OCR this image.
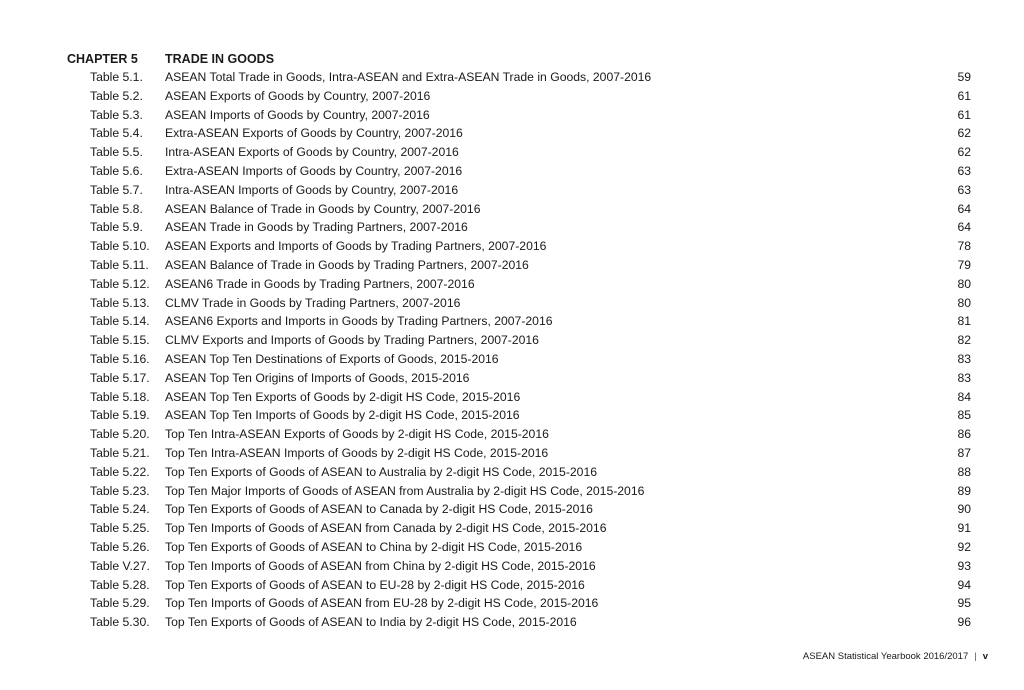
CHAPTER 5 TRADE IN GOODS
Table 5.1. ASEAN Total Trade in Goods, Intra-ASEAN and Extra-ASEAN Trade in Goods, 2007-2016	59
Table 5.2. ASEAN Exports of Goods by Country, 2007-2016	61
Table 5.3. ASEAN Imports of Goods by Country, 2007-2016	61
Table 5.4. Extra-ASEAN Exports of Goods by Country, 2007-2016	62
Table 5.5. Intra-ASEAN Exports of Goods by Country, 2007-2016	62
Table 5.6. Extra-ASEAN Imports of Goods by Country, 2007-2016	63
Table 5.7. Intra-ASEAN Imports of Goods by Country, 2007-2016	63
Table 5.8. ASEAN Balance of Trade in Goods by Country, 2007-2016	64
Table 5.9. ASEAN Trade in Goods by Trading Partners, 2007-2016	64
Table 5.10. ASEAN Exports and Imports of Goods by Trading Partners, 2007-2016	78
Table 5.11. ASEAN Balance of Trade in Goods by Trading Partners, 2007-2016	79
Table 5.12. ASEAN6 Trade in Goods by Trading Partners, 2007-2016	80
Table 5.13. CLMV Trade in Goods by Trading Partners, 2007-2016	80
Table 5.14. ASEAN6 Exports and Imports in Goods by Trading Partners, 2007-2016	81
Table 5.15. CLMV Exports and Imports of Goods by Trading Partners, 2007-2016	82
Table 5.16. ASEAN Top Ten Destinations of Exports of Goods, 2015-2016	83
Table 5.17. ASEAN Top Ten Origins of Imports of Goods, 2015-2016	83
Table 5.18. ASEAN Top Ten Exports of Goods by 2-digit HS Code, 2015-2016	84
Table 5.19. ASEAN Top Ten Imports of Goods by 2-digit HS Code, 2015-2016	85
Table 5.20. Top Ten Intra-ASEAN Exports of Goods by 2-digit HS Code, 2015-2016	86
Table 5.21. Top Ten Intra-ASEAN Imports of Goods by 2-digit HS Code, 2015-2016	87
Table 5.22. Top Ten Exports of Goods of ASEAN to Australia by 2-digit HS Code, 2015-2016	88
Table 5.23. Top Ten Major Imports of Goods of ASEAN from Australia by 2-digit HS Code, 2015-2016	89
Table 5.24. Top Ten Exports of Goods of ASEAN to Canada by 2-digit HS Code, 2015-2016	90
Table 5.25. Top Ten Imports of Goods of ASEAN from Canada by 2-digit HS Code, 2015-2016	91
Table 5.26. Top Ten Exports of Goods of ASEAN to China by 2-digit HS Code, 2015-2016	92
Table V.27. Top Ten Imports of Goods of ASEAN from China by 2-digit HS Code, 2015-2016	93
Table 5.28. Top Ten Exports of Goods of ASEAN to EU-28 by 2-digit HS Code, 2015-2016	94
Table 5.29. Top Ten Imports of Goods of ASEAN from EU-28 by 2-digit HS Code, 2015-2016	95
Table 5.30. Top Ten Exports of Goods of ASEAN to India by 2-digit HS Code, 2015-2016	96
ASEAN Statistical Yearbook 2016/2017 | v
